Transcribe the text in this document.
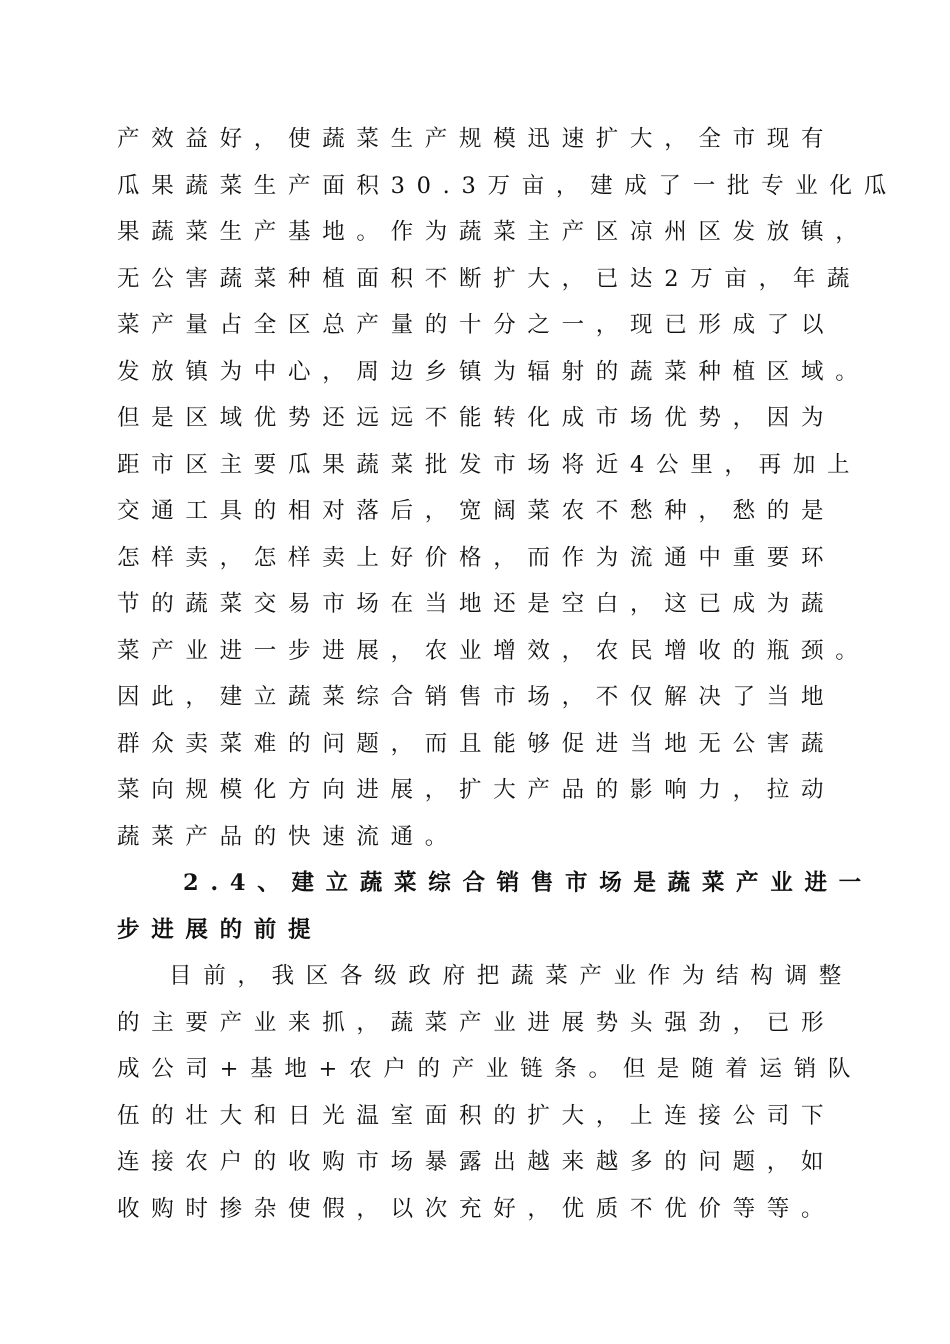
产效益好，使蔬菜生产规模迅速扩大，全市现有
瓜果蔬菜生产面积30.3万亩，建成了一批专业化瓜
果蔬菜生产基地。作为蔬菜主产区凉州区发放镇，
无公害蔬菜种植面积不断扩大，已达2万亩，年蔬
菜产量占全区总产量的十分之一，现已形成了以
发放镇为中心，周边乡镇为辐射的蔬菜种植区域。
但是区域优势还远远不能转化成市场优势，因为
距市区主要瓜果蔬菜批发市场将近4公里，再加上
交通工具的相对落后，宽阔菜农不愁种，愁的是
怎样卖，怎样卖上好价格，而作为流通中重要环
节的蔬菜交易市场在当地还是空白，这已成为蔬
菜产业进一步进展，农业增效，农民增收的瓶颈。
因此，建立蔬菜综合销售市场，不仅解决了当地
群众卖菜难的问题，而且能够促进当地无公害蔬
菜向规模化方向进展，扩大产品的影响力，拉动
蔬菜产品的快速流通。
2.4、建立蔬菜综合销售市场是蔬菜产业进一
步进展的前提
目前，我区各级政府把蔬菜产业作为结构调整
的主要产业来抓，蔬菜产业进展势头强劲，已形
成公司+基地+农户的产业链条。但是随着运销队
伍的壮大和日光温室面积的扩大，上连接公司下
连接农户的收购市场暴露出越来越多的问题，如
收购时掺杂使假，以次充好，优质不优价等等。
